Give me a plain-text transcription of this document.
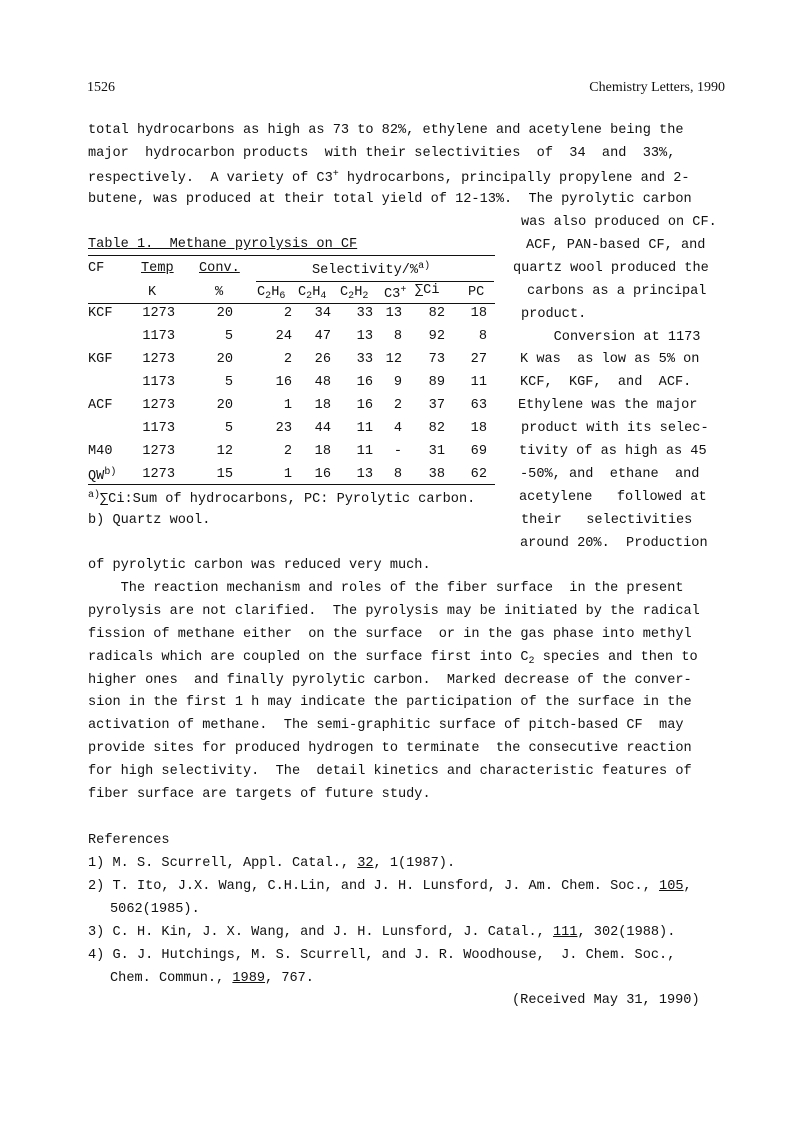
1526	Chemistry Letters, 1990
total hydrocarbons as high as 73 to 82%, ethylene and acetylene being the
major  hydrocarbon products  with their selectivities  of  34  and  33%,
respectively.  A variety of C3+ hydrocarbons, principally propylene and 2-
butene, was produced at their total yield of 12-13%.  The pyrolytic carbon
Table 1.  Methane pyrolysis on CF
CF	Temp Conv.	Selectivity/%$^{a)}$
K	% $C_2H_6$ $C_2H_4$ $C_2H_2$ C3+ ∑Ci PC
KCF 1273	20	2 34 33 13 82 18
1173	5	24 47 13 8 92 8
KGF 1273	20	2 26 33 12 73 27
1173	5	16 48 16 9 89 11
ACF 1273	20	1 18 16 2 37 63
1173	5	23 44 11 4 82 18
M40 1273	12	2 18 11 - 31 69
QW$^{b)}$ 1273	15	1 16 13 8 38 62
$^{a)}$∑Ci:Sum of hydrocarbons, PC: Pyrolytic carbon.
b) Quartz wool.
was also produced on CF.
ACF, PAN-based CF, and
quartz wool produced the
carbons as a principal
product.
Conversion at 1173
K was  as low as 5% on
KCF,  KGF,  and  ACF.
Ethylene was the major
product with its selec-
tivity of as high as 45
-50%, and  ethane  and
acetylene   followed at
their   selectivities
around 20%.  Production
of pyrolytic carbon was reduced very much.
The reaction mechanism and roles of the fiber surface  in the present
pyrolysis are not clarified.  The pyrolysis may be initiated by the radical
fission of methane either  on the surface  or in the gas phase into methyl
radicals which are coupled on the surface first into $C_2$ species and then to
higher ones  and finally pyrolytic carbon.  Marked decrease of the conver-
sion in the first 1 h may indicate the participation of the surface in the
activation of methane.  The semi-graphitic surface of pitch-based CF  may
provide sites for produced hydrogen to terminate  the consecutive reaction
for high selectivity.  The  detail kinetics and characteristic features of
fiber surface are targets of future study.
References
1) M. S. Scurrell, Appl. Catal., 32, 1(1987).
2) T. Ito, J.X. Wang, C.H.Lin, and J. H. Lunsford, J. Am. Chem. Soc., 105,
5062(1985).
3) C. H. Kin, J. X. Wang, and J. H. Lunsford, J. Catal., 111, 302(1988).
4) G. J. Hutchings, M. S. Scurrell, and J. R. Woodhouse,  J. Chem. Soc.,
Chem. Commun., 1989, 767.
(Received May 31, 1990)
